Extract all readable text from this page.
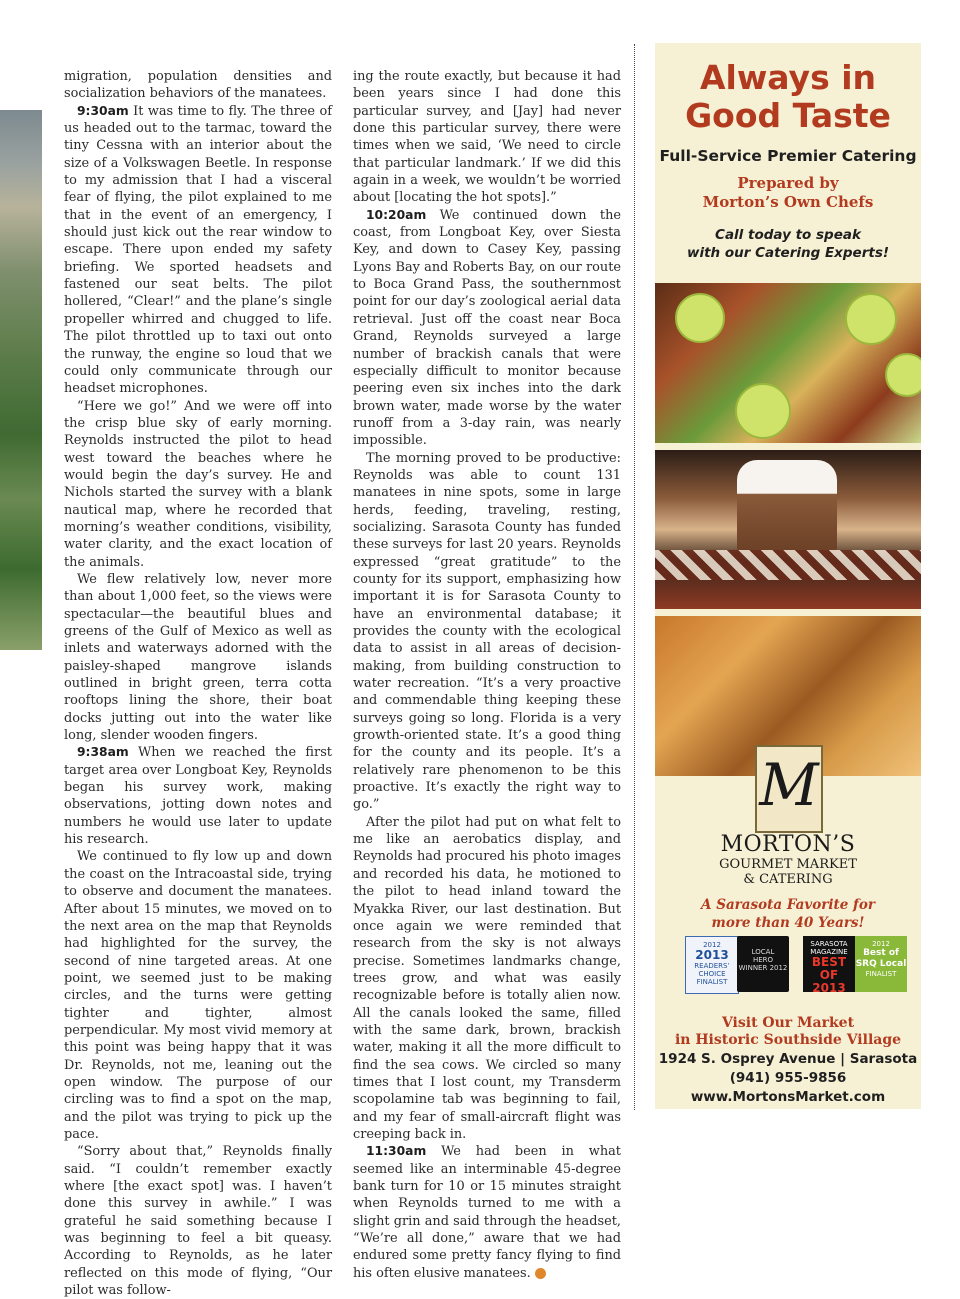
migration, population densities and socialization behaviors of the manatees.

9:30am It was time to fly. The three of us headed out to the tarmac, toward the tiny Cessna with an interior about the size of a Volkswagen Beetle. In response to my admission that I had a visceral fear of flying, the pilot explained to me that in the event of an emergency, I should just kick out the rear window to escape. There upon ended my safety briefing. We sported headsets and fastened our seat belts. The pilot hollered, “Clear!” and the plane’s single propeller whirred and chugged to life. The pilot throttled up to taxi out onto the runway, the engine so loud that we could only communicate through our headset microphones.

“Here we go!” And we were off into the crisp blue sky of early morning. Reynolds instructed the pilot to head west toward the beaches where he would begin the day’s survey. He and Nichols started the survey with a blank nautical map, where he recorded that morning’s weather conditions, visibility, water clarity, and the exact location of the animals.

We flew relatively low, never more than about 1,000 feet, so the views were spectacular—the beautiful blues and greens of the Gulf of Mexico as well as inlets and waterways adorned with the paisley-shaped mangrove islands outlined in bright green, terra cotta rooftops lining the shore, their boat docks jutting out into the water like long, slender wooden fingers.

9:38am When we reached the first target area over Longboat Key, Reynolds began his survey work, making observations, jotting down notes and numbers he would use later to update his research.

We continued to fly low up and down the coast on the Intracoastal side, trying to observe and document the manatees. After about 15 minutes, we moved on to the next area on the map that Reynolds had highlighted for the survey, the second of nine targeted areas. At one point, we seemed just to be making circles, and the turns were getting tighter and tighter, almost perpendicular. My most vivid memory at this point was being happy that it was Dr. Reynolds, not me, leaning out the open window. The purpose of our circling was to find a spot on the map, and the pilot was trying to pick up the pace.

“Sorry about that,” Reynolds finally said. “I couldn’t remember exactly where [the exact spot] was. I haven’t done this survey in awhile.” I was grateful he said something because I was beginning to feel a bit queasy. According to Reynolds, as he later reflected on this mode of flying, “Our pilot was follow-

ing the route exactly, but because it had been years since I had done this particular survey, and [Jay] had never done this particular survey, there were times when we said, ‘We need to circle that particular landmark.’ If we did this again in a week, we wouldn’t be worried about [locating the hot spots].”

10:20am We continued down the coast, from Longboat Key, over Siesta Key, and down to Casey Key, passing Lyons Bay and Roberts Bay, on our route to Boca Grand Pass, the southernmost point for our day’s zoological aerial data retrieval. Just off the coast near Boca Grand, Reynolds surveyed a large number of brackish canals that were especially difficult to monitor because peering even six inches into the dark brown water, made worse by the water runoff from a 3-day rain, was nearly impossible.

The morning proved to be productive: Reynolds was able to count 131 manatees in nine spots, some in large herds, feeding, traveling, resting, socializing. Sarasota County has funded these surveys for last 20 years. Reynolds expressed “great gratitude” to the county for its support, emphasizing how important it is for Sarasota County to have an environmental database; it provides the county with the ecological data to assist in all areas of decision-making, from building construction to water recreation. “It’s a very proactive and commendable thing keeping these surveys going so long. Florida is a very growth-oriented state. It’s a good thing for the county and its people. It’s a relatively rare phenomenon to be this proactive. It’s exactly the right way to go.”

After the pilot had put on what felt to me like an aerobatics display, and Reynolds had procured his photo images and recorded his data, he motioned to the pilot to head inland toward the Myakka River, our last destination. But once again we were reminded that research from the sky is not always precise. Sometimes landmarks change, trees grow, and what was easily recognizable before is totally alien now. All the canals looked the same, filled with the same dark, brown, brackish water, making it all the more difficult to find the sea cows. We circled so many times that I lost count, my Transderm scopolamine tab was beginning to fail, and my fear of small-aircraft flight was creeping back in.

11:30am We had been in what seemed like an interminable 45-degree bank turn for 10 or 15 minutes straight when Reynolds turned to me with a slight grin and said through the headset, “We’re all done,” aware that we had endured some pretty fancy flying to find his often elusive manatees. S

Always in
Good Taste
Full-Service Premier Catering
Prepared by
Morton’s Own Chefs
Call today to speak
with our Catering Experts!
M
MORTON’S
GOURMET MARKET
& CATERING
A Sarasota Favorite for
more than 40 Years!
2012
2013
READERS’ CHOICE FINALIST
LOCAL
HERO
WINNER 2012
SARASOTA MAGAZINE
BEST OF 2013
2012
Best of SRQ Local
FINALIST
Visit Our Market
in Historic Southside Village
1924 S. Osprey Avenue | Sarasota
(941) 955-9856
www.MortonsMarket.com
